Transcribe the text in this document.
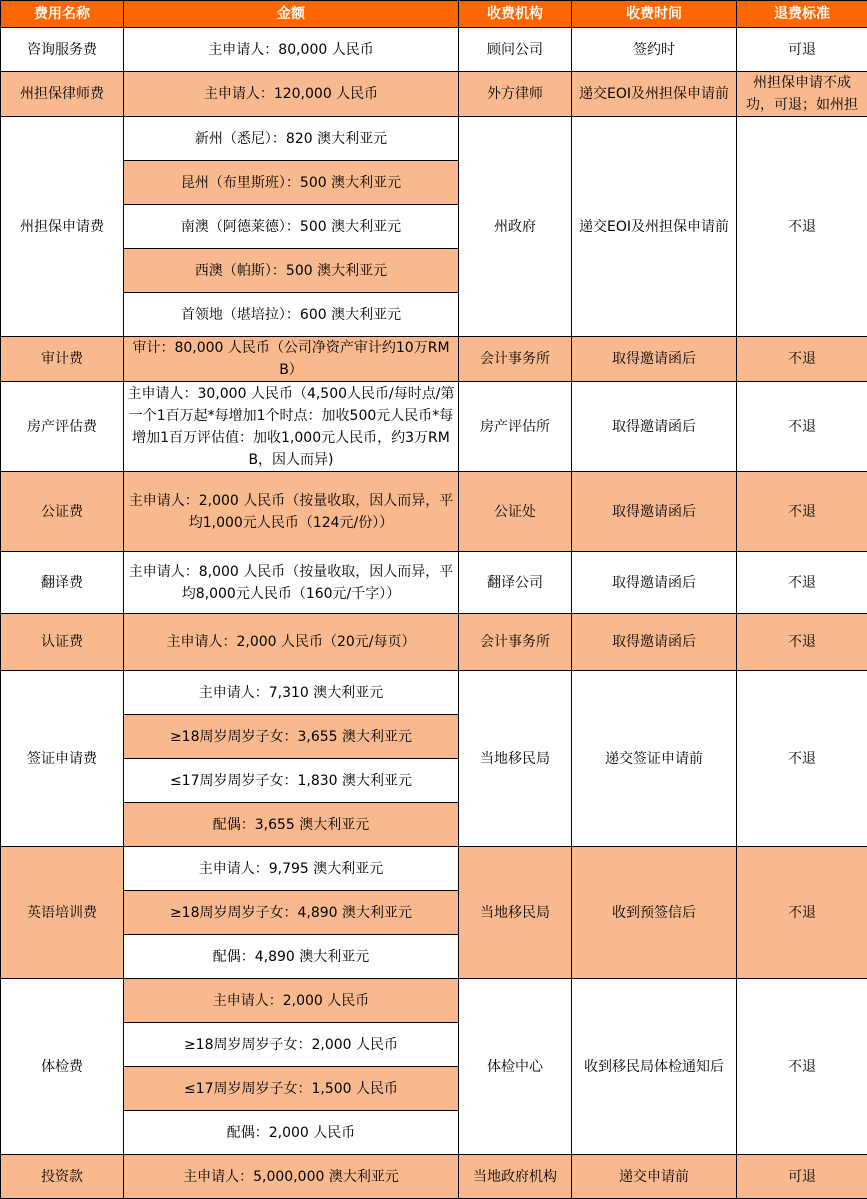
费用名称	金额	收费机构	收费时间	退费标准
咨询服务费	主申请人：80,000 人民币	顾问公司	签约时	可退
州担保律师费	主申请人：120,000 人民币	外方律师	递交EOI及州担保申请前	州担保申请不成功，可退；如州担

州担保申请费	新州（悉尼）：820 澳大利亚元	州政府	递交EOI及州担保申请前	不退
	昆州（布里斯班）：500 澳大利亚元			
	南澳（阿德莱德）：500 澳大利亚元			
	西澳（帕斯）：500 澳大利亚元			
	首领地（堪培拉）：600 澳大利亚元			
审计费	审计：80,000 人民币（公司净资产审计约10万RMB）	会计事务所	取得邀请函后	不退
房产评估费	主申请人：30,000 人民币（4,500人民币/每时点/第一个1百万起*每增加1个时点：加收500元人民币*每增加1百万评估值：加收1,000元人民币，约3万RMB，因人而异)	房产评估所	取得邀请函后	不退
公证费	主申请人：2,000 人民币（按量收取，因人而异，平均1,000元人民币（124元/份））	公证处	取得邀请函后	不退
翻译费	主申请人：8,000 人民币（按量收取，因人而异，平均8,000元人民币（160元/千字））	翻译公司	取得邀请函后	不退
认证费	主申请人：2,000 人民币（20元/每页）	会计事务所	取得邀请函后	不退
签证申请费	主申请人：7,310 澳大利亚元	当地移民局	递交签证申请前	不退
	≥18周岁周岁子女：3,655 澳大利亚元			
	≤17周岁周岁子女：1,830 澳大利亚元			
	配偶：3,655 澳大利亚元			
英语培训费	主申请人：9,795 澳大利亚元	当地移民局	收到预签信后	不退
	≥18周岁周岁子女：4,890 澳大利亚元			
	配偶：4,890 澳大利亚元			
体检费	主申请人：2,000 人民币	体检中心	收到移民局体检通知后	不退
	≥18周岁周岁子女：2,000 人民币			
	≤17周岁周岁子女：1,500 人民币			
	配偶：2,000 人民币			
投资款	主申请人：5,000,000 澳大利亚元	当地政府机构	递交申请前	可退
